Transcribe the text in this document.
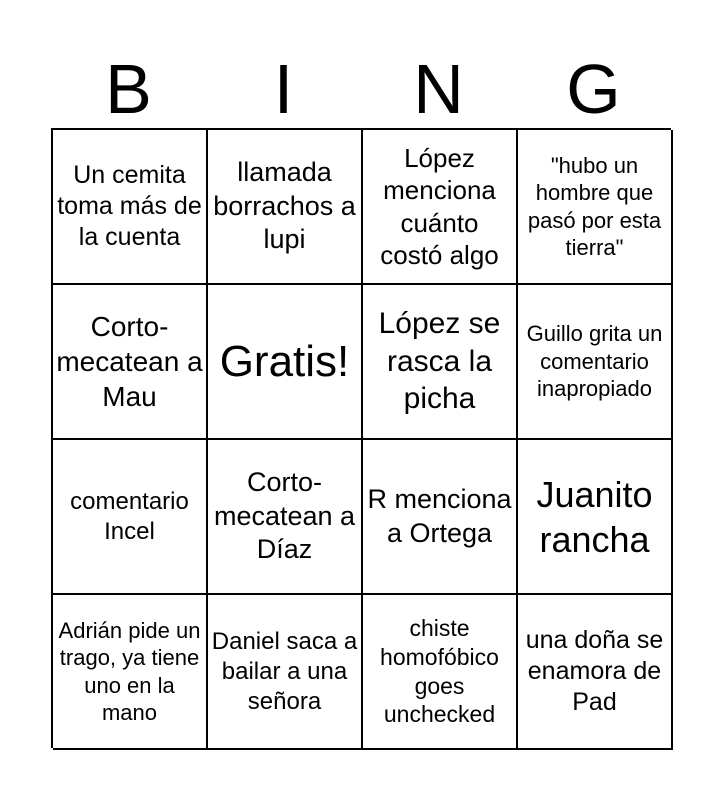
B	I	N	G
Un cemita toma más de la cuenta
llamada borrachos a lupi
López menciona cuánto costó algo
"hubo un hombre que pasó por esta tierra"
Corto-mecatean a Mau
Gratis!
López se rasca la picha
Guillo grita un comentario inapropiado
comentario Incel
Corto-mecatean a Díaz
R menciona a Ortega
Juanito rancha
Adrián pide un trago, ya tiene uno en la mano
Daniel saca a bailar a una señora
chiste homofóbico goes unchecked
una doña se enamora de Pad
